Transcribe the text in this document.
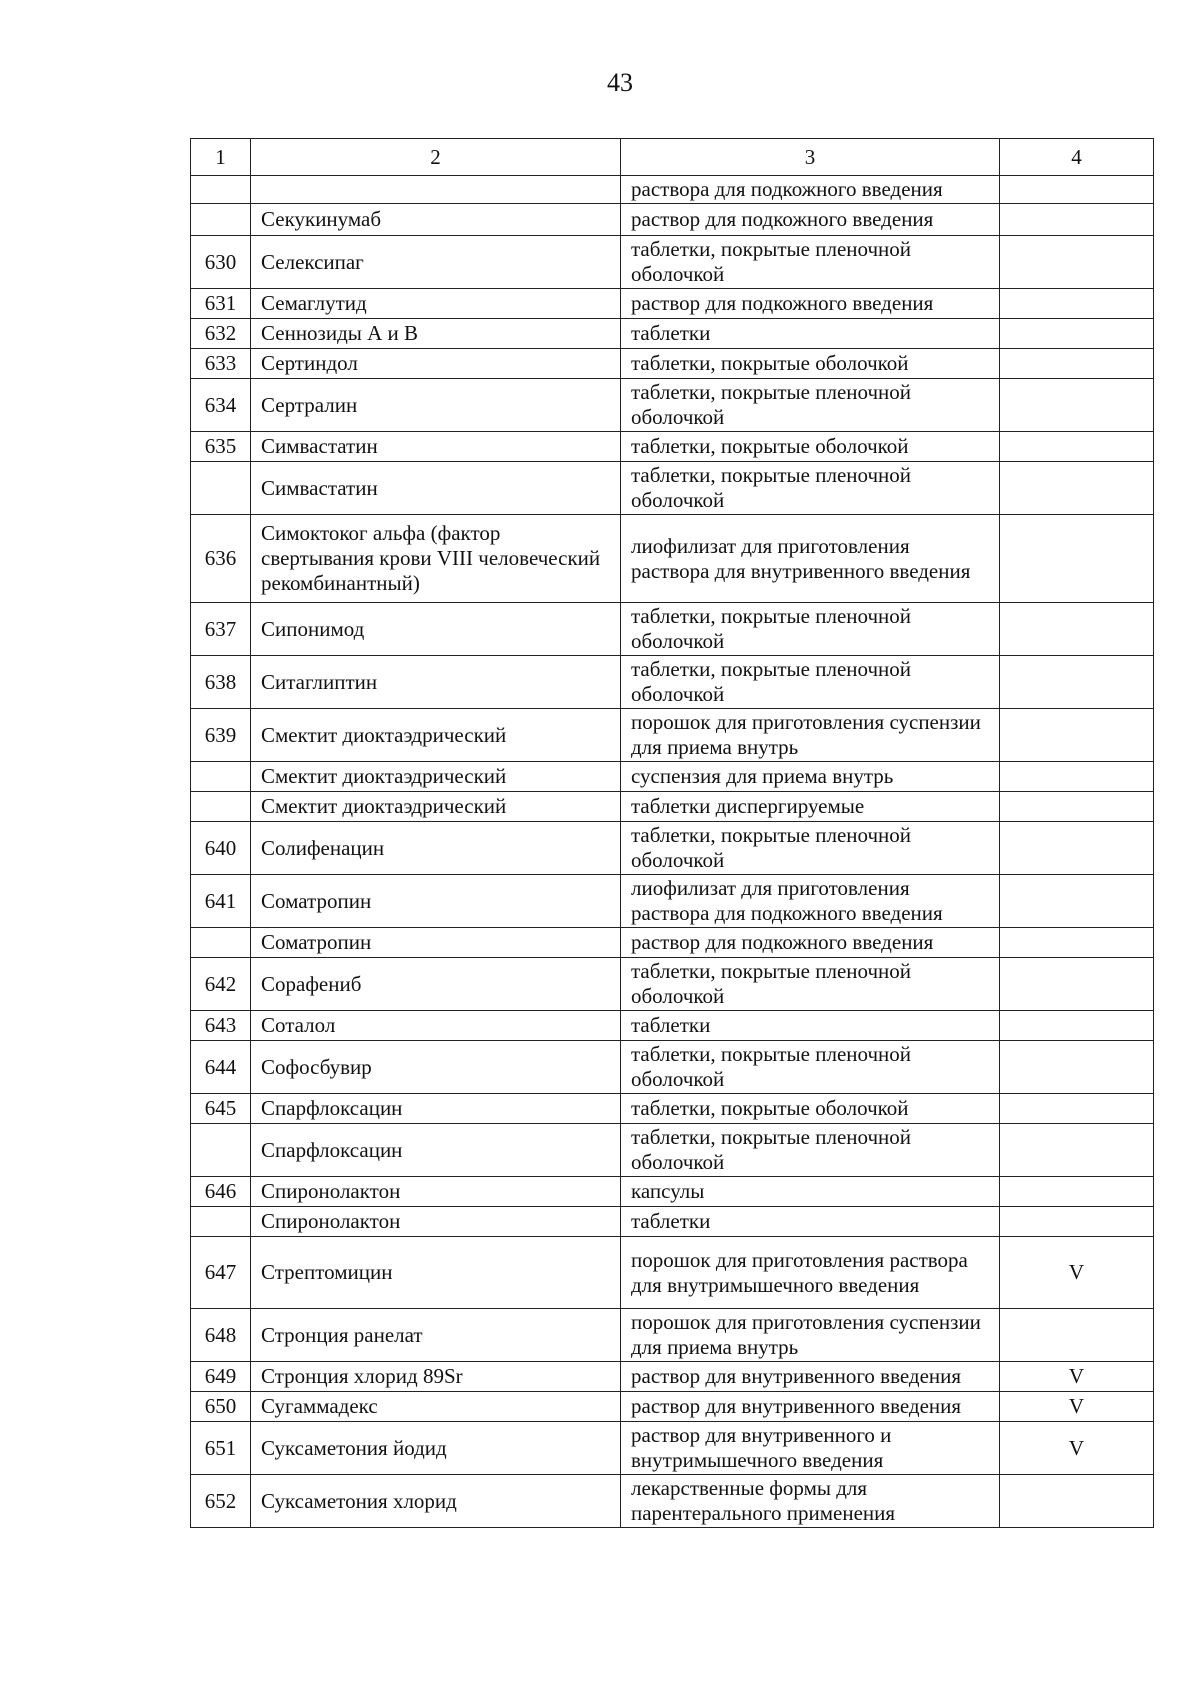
43
1	2	3	4
		раствора для подкожного введения	
	Секукинумаб	раствор для подкожного введения	
630	Селексипаг	таблетки, покрытые пленочной оболочкой	
631	Семаглутид	раствор для подкожного введения	
632	Сеннозиды А и В	таблетки	
633	Сертиндол	таблетки, покрытые оболочкой	
634	Сертралин	таблетки, покрытые пленочной оболочкой	
635	Симвастатин	таблетки, покрытые оболочкой	
	Симвастатин	таблетки, покрытые пленочной оболочкой	
636	Симоктоког альфа (фактор свертывания крови VIII человеческий рекомбинантный)	лиофилизат для приготовления раствора для внутривенного введения	
637	Сипонимод	таблетки, покрытые пленочной оболочкой	
638	Ситаглиптин	таблетки, покрытые пленочной оболочкой	
639	Смектит диоктаэдрический	порошок для приготовления суспензии для приема внутрь	
	Смектит диоктаэдрический	суспензия для приема внутрь	
	Смектит диоктаэдрический	таблетки диспергируемые	
640	Солифенацин	таблетки, покрытые пленочной оболочкой	
641	Соматропин	лиофилизат для приготовления раствора для подкожного введения	
	Соматропин	раствор для подкожного введения	
642	Сорафениб	таблетки, покрытые пленочной оболочкой	
643	Соталол	таблетки	
644	Софосбувир	таблетки, покрытые пленочной оболочкой	
645	Спарфлоксацин	таблетки, покрытые оболочкой	
	Спарфлоксацин	таблетки, покрытые пленочной оболочкой	
646	Спиронолактон	капсулы	
	Спиронолактон	таблетки	
647	Стрептомицин	порошок для приготовления раствора для внутримышечного введения	V
648	Стронция ранелат	порошок для приготовления суспензии для приема внутрь	
649	Стронция хлорид 89Sr	раствор для внутривенного введения	V
650	Сугаммадекс	раствор для внутривенного введения	V
651	Суксаметония йодид	раствор для внутривенного и внутримышечного введения	V
652	Суксаметония хлорид	лекарственные формы для парентерального применения	
